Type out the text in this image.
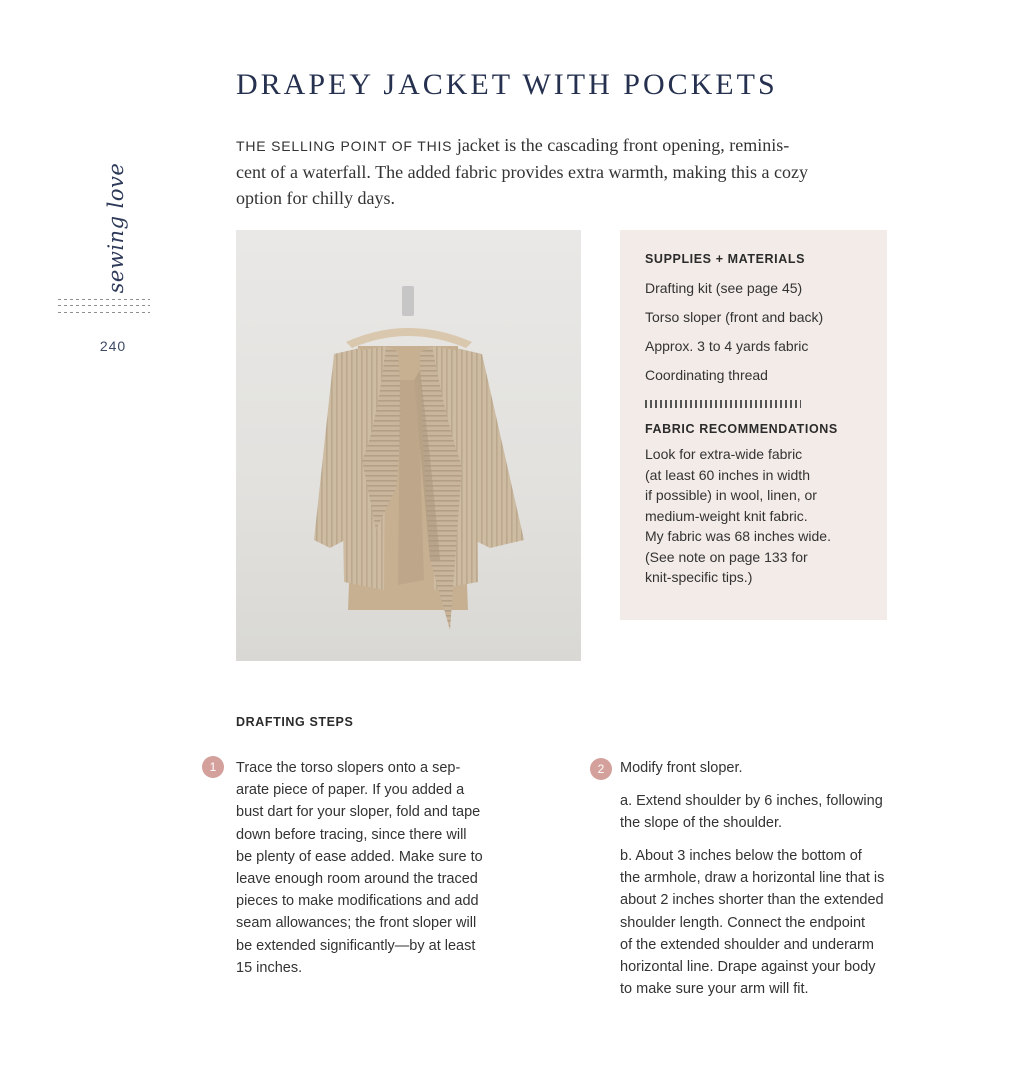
sewing love
240
DRAPEY JACKET WITH POCKETS

THE SELLING POINT OF THIS jacket is the cascading front opening, reminis-
cent of a waterfall. The added fabric provides extra warmth, making this a cozy
option for chilly days.

SUPPLIES + MATERIALS
Drafting kit (see page 45)
Torso sloper (front and back)
Approx. 3 to 4 yards fabric
Coordinating thread
FABRIC RECOMMENDATIONS

Look for extra-wide fabric
(at least 60 inches in width
if possible) in wool, linen, or
medium-weight knit fabric.
My fabric was 68 inches wide.
(See note on page 133 for
knit-specific tips.)

DRAFTING STEPS
1	Trace the torso slopers onto a sep-
arate piece of paper. If you added a
bust dart for your sloper, fold and tape
down before tracing, since there will
be plenty of ease added. Make sure to
leave enough room around the traced
pieces to make modifications and add
seam allowances; the front sloper will
be extended significantly—by at least
15 inches.

2	Modify front sloper.

a. Extend shoulder by 6 inches, following
the slope of the shoulder.

b. About 3 inches below the bottom of
the armhole, draw a horizontal line that is
about 2 inches shorter than the extended
shoulder length. Connect the endpoint
of the extended shoulder and underarm
horizontal line. Drape against your body
to make sure your arm will fit.
